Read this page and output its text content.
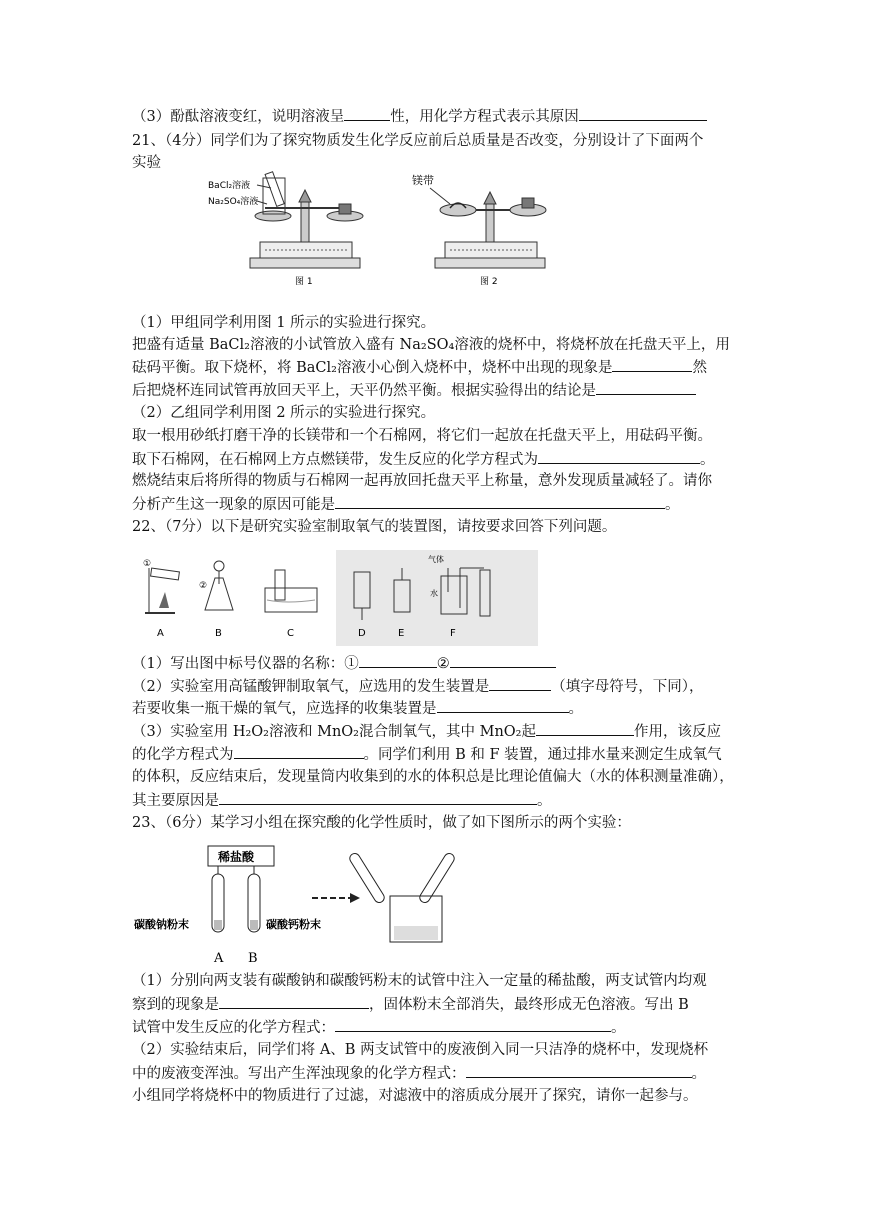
（3）酚酞溶液变红，说明溶液呈	性，用化学方程式表示其原因
21、（4分）同学们为了探究物质发生化学反应前后总质量是否改变，分别设计了下面两个
实验
BaCl₂溶液
Na₂SO₄溶液
图 1
镁带
图 2
（1）甲组同学利用图 1 所示的实验进行探究。
把盛有适量 BaCl₂溶液的小试管放入盛有 Na₂SO₄溶液的烧杯中，将烧杯放在托盘天平上，用
砝码平衡。取下烧杯，将 BaCl₂溶液小心倒入烧杯中，烧杯中出现的现象是	然
后把烧杯连同试管再放回天平上，天平仍然平衡。根据实验得出的结论是
（2）乙组同学利用图 2 所示的实验进行探究。
取一根用砂纸打磨干净的长镁带和一个石棉网，将它们一起放在托盘天平上，用砝码平衡。
取下石棉网，在石棉网上方点燃镁带，发生反应的化学方程式为	。
燃烧结束后将所得的物质与石棉网一起再放回托盘天平上称量，意外发现质量减轻了。请你
分析产生这一现象的原因可能是	。
22、（7分）以下是研究实验室制取氧气的装置图，请按要求回答下列问题。
①
②
A	B	C
气体
水
D	E	F
（1）写出图中标号仪器的名称：①	②
（2）实验室用高锰酸钾制取氧气，应选用的发生装置是	（填字母符号，下同），
若要收集一瓶干燥的氧气，应选择的收集装置是	。
（3）实验室用 H₂O₂溶液和 MnO₂混合制氧气，其中 MnO₂起	作用，该反应
的化学方程式为	。同学们利用 B 和 F 装置，通过排水量来测定生成氧气
的体积，反应结束后，发现量筒内收集到的水的体积总是比理论值偏大（水的体积测量准确），
其主要原因是	。
23、（6分）某学习小组在探究酸的化学性质时，做了如下图所示的两个实验：
稀盐酸
碳酸钠粉末	碳酸钙粉末
A B
（1）分别向两支装有碳酸钠和碳酸钙粉末的试管中注入一定量的稀盐酸，两支试管内均观
察到的现象是	，固体粉末全部消失，最终形成无色溶液。写出 B
试管中发生反应的化学方程式：	。
（2）实验结束后，同学们将 A、B 两支试管中的废液倒入同一只洁净的烧杯中，发现烧杯
中的废液变浑浊。写出产生浑浊现象的化学方程式：	。
小组同学将烧杯中的物质进行了过滤，对滤液中的溶质成分展开了探究，请你一起参与。
